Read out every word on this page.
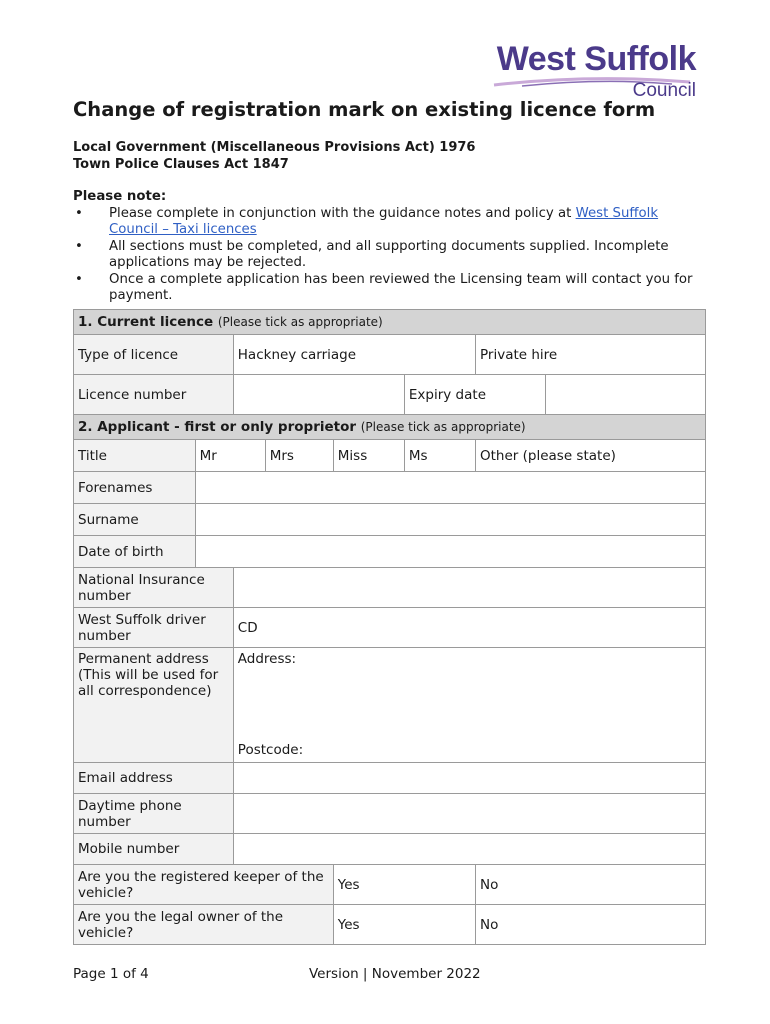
West Suffolk
Council
Change of registration mark on existing licence form
Local Government (Miscellaneous Provisions Act) 1976
Town Police Clauses Act 1847
Please note:
• Please complete in conjunction with the guidance notes and policy at West Suffolk Council – Taxi licences
• All sections must be completed, and all supporting documents supplied. Incomplete applications may be rejected.
• Once a complete application has been reviewed the Licensing team will contact you for payment.
1. Current licence (Please tick as appropriate)							
Type of licence		Hackney carriage				Private hire	
Licence number					Expiry date		
2. Applicant - first or only proprietor (Please tick as appropriate)							
Title	Mr		Mrs	Miss	Ms	Other (please state)	
Forenames							
Surname							
Date of birth							
National Insurance number							
West Suffolk driver number		CD					
Permanent address (This will be used for all correspondence)		Address:
Postcode:					

Email address							
Daytime phone number							
Mobile number							
Are you the registered keeper of the vehicle?				Yes		No	
Are you the legal owner of the vehicle?				Yes		No	
Page 1 of 4	Version | November 2022
